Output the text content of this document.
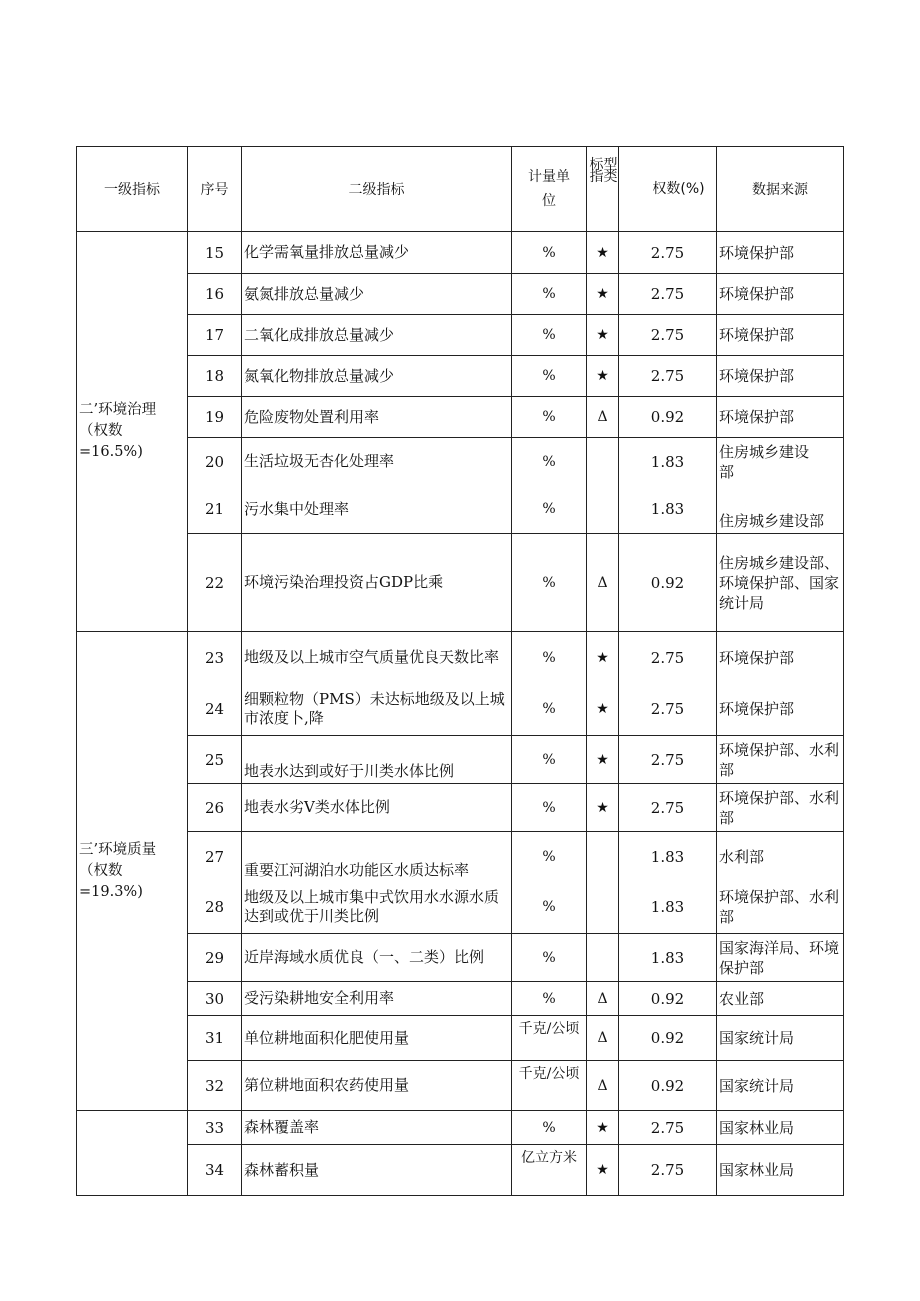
一级指标	序号	二级指标	计量单位	标型指类	权数(%)	数据来源
二’环境治理（权数=16.5%)	15	化学需氧量排放总量减少	%	★	2.75	环境保护部
	16	氨氮排放总量减少	%	★	2.75	环境保护部
	17	二氧化成排放总量减少	%	★	2.75	环境保护部
	18	氮氧化物排放总量减少	%	★	2.75	环境保护部
	19	危险废物处置利用率	%	Δ	0.92	环境保护部
	20	生活垃圾无杏化处理率	%		1.83	住房城乡建设部
	21	污水集中处理率	%		1.83	住房城乡建设部
	22	环境污染治理投资占GDP比乘	%	Δ	0.92	住房城乡建设部、环境保护部、国家统计局
三’环境质量（权数=19.3%)	23	地级及以上城市空气质量优良天数比率	%	★	2.75	环境保护部
	24	细颗粒物（PMS）未达标地级及以上城市浓度卜,降	%	★	2.75	环境保护部
	25	地表水达到或好于川类水体比例	%	★	2.75	环境保护部、水利部
	26	地表水劣V类水体比例	%	★	2.75	环境保护部、水利部
	27	重要江河湖泊水功能区水质达标率	%		1.83	水利部
	28	地级及以上城市集中式饮用水水源水质达到或优于川类比例	%		1.83	环境保护部、水利部
	29	近岸海域水质优良（一、二类）比例	%		1.83	国家海洋局、环境保护部
	30	受污染耕地安全利用率	%	Δ	0.92	农业部
	31	单位耕地面积化肥使用量	千克/公顷	Δ	0.92	国家统计局
	32	第位耕地面积农药使用量	千克/公顷	Δ	0.92	国家统计局
	33	森林覆盖率	%	★	2.75	国家林业局
	34	森林蓄积量	亿立方米	★	2.75	国家林业局
